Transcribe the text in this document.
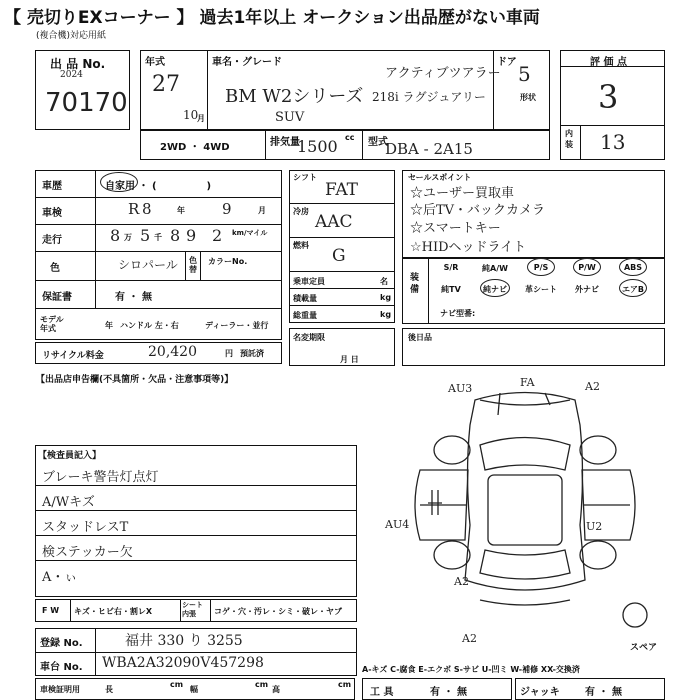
【 売切りEXコーナー 】 過去1年以上 オークション出品歴がない車両
(複合機)対応用紙
出 品 No.
2024
70170
年式
27
10
月
車名・グレード
BM W2シリーズ
SUV
アクティブツアラー
218i ラグジュアリー
ドア 5
形状
評 価 点
3
内装 13
2WD ・ 4WD	排気量
1500 cc 型式
DBA - 2A15
車歴	自家用 ・ (　　　　　)
車検	R 8	年 9	月
走行	8 万 5 千 8 9 2 km/マイル
色	シロパール 色替
カラーNo.
保証書	有 ・ 無
モデル年式	年 ハンドル 左・右	ディーラー・並行
リサイクル料金	20,420	円 預託済
シフト
FAT
冷房
AAC
燃料
G
乗車定員	名
積載量	kg
総重量	kg
名変期限
月 日
セールスポイント
☆ユーザー買取車
☆后TV・バックカメラ
☆スマートキー
☆HIDヘッドライト
装備
S/R	純A/W	P/S	P/W	ABS
純TV	純ナビ	革シート	外ナビ	エアB
ナビ型番:
後日品
【出品店申告欄(不具箇所・欠品・注意事項等)】
【検査員記入】
ブレーキ警告灯点灯
A/Wキズ
スタッドレスT
検ステッカー欠
A・ぃ
FA
AU3	A2
AU4	U2
A2
A2
スペア
F W キズ・ヒビ右・割レX
シート内張	コゲ・穴・汚レ・シミ・破レ・ヤブ
登録 No.	福井 330 り 3255
車台 No. WBA2A32090V457298	A-キズ C-腐食 E-エクボ S-サビ U-凹ミ W-補修 XX-交換済
車検証明用	長
cm
幅
cm
高
cm
工 具	有 ・ 無	ジャッキ	有 ・ 無
